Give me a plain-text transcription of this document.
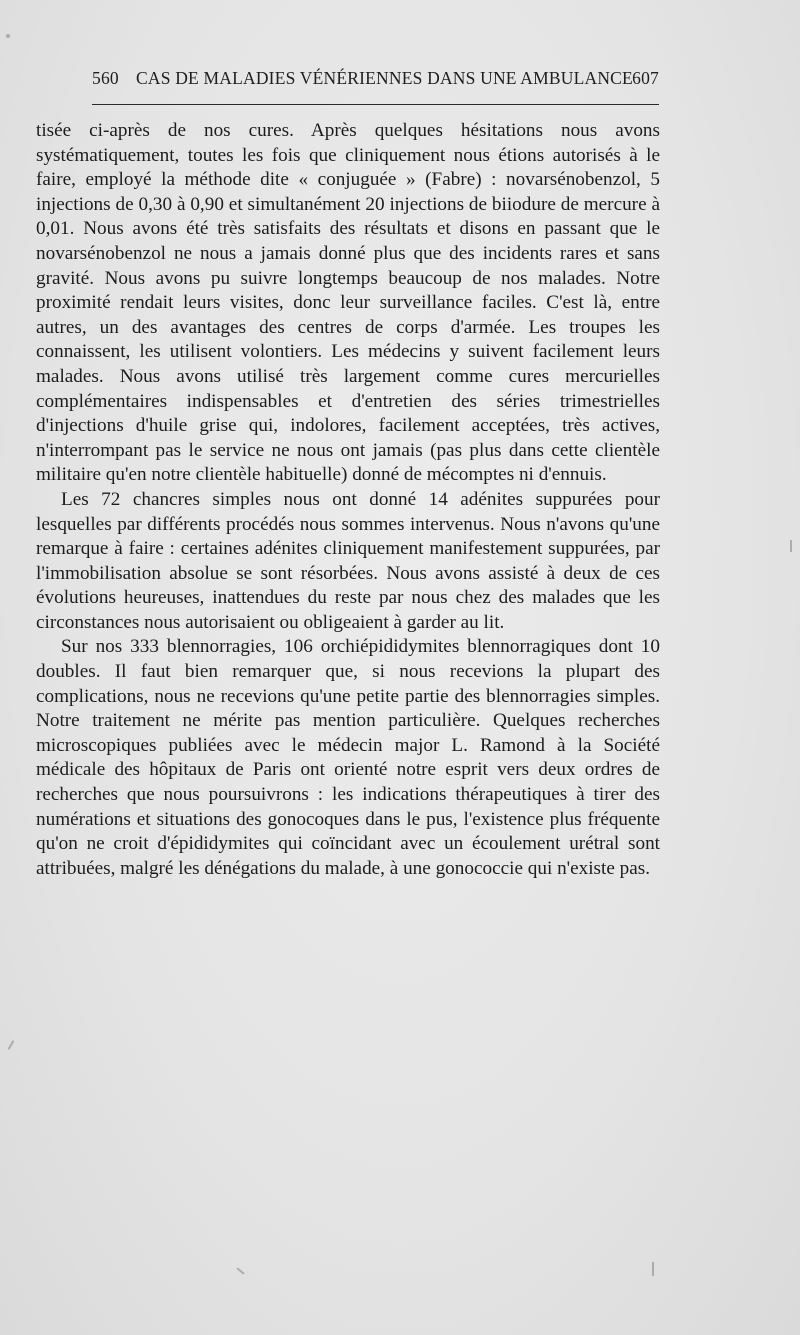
560 CAS DE MALADIES VÉNÉRIENNES DANS UNE AMBULANCE 607

tisée ci-après de nos cures. Après quelques hésitations nous avons systématiquement, toutes les fois que cliniquement nous étions autorisés à le faire, employé la méthode dite « conjuguée » (Fabre) : novarsénobenzol, 5 injections de 0,30 à 0,90 et simultanément 20 injections de biiodure de mercure à 0,01. Nous avons été très satisfaits des résultats et disons en passant que le novarsénobenzol ne nous a jamais donné plus que des incidents rares et sans gravité. Nous avons pu suivre longtemps beaucoup de nos malades. Notre proximité rendait leurs visites, donc leur surveillance faciles. C'est là, entre autres, un des avantages des centres de corps d'armée. Les troupes les connaissent, les utilisent volontiers. Les médecins y suivent facilement leurs malades. Nous avons utilisé très largement comme cures mercurielles complémentaires indispensables et d'entretien des séries trimestrielles d'injections d'huile grise qui, indolores, facilement acceptées, très actives, n'interrompant pas le service ne nous ont jamais (pas plus dans cette clientèle militaire qu'en notre clientèle habituelle) donné de mécomptes ni d'ennuis.

Les 72 chancres simples nous ont donné 14 adénites suppurées pour lesquelles par différents procédés nous sommes intervenus. Nous n'avons qu'une remarque à faire : certaines adénites cliniquement manifestement suppurées, par l'immobilisation absolue se sont résorbées. Nous avons assisté à deux de ces évolutions heureuses, inattendues du reste par nous chez des malades que les circonstances nous autorisaient ou obligeaient à garder au lit.

Sur nos 333 blennorragies, 106 orchiépididymites blennorragiques dont 10 doubles. Il faut bien remarquer que, si nous recevions la plupart des complications, nous ne recevions qu'une petite partie des blennorragies simples. Notre traitement ne mérite pas mention particulière. Quelques recherches microscopiques publiées avec le médecin major L. Ramond à la Société médicale des hôpitaux de Paris ont orienté notre esprit vers deux ordres de recherches que nous poursuivrons : les indications thérapeutiques à tirer des numérations et situations des gonocoques dans le pus, l'existence plus fréquente qu'on ne croit d'épididymites qui coïncidant avec un écoulement urétral sont attribuées, malgré les dénégations du malade, à une gonococcie qui n'existe pas.
